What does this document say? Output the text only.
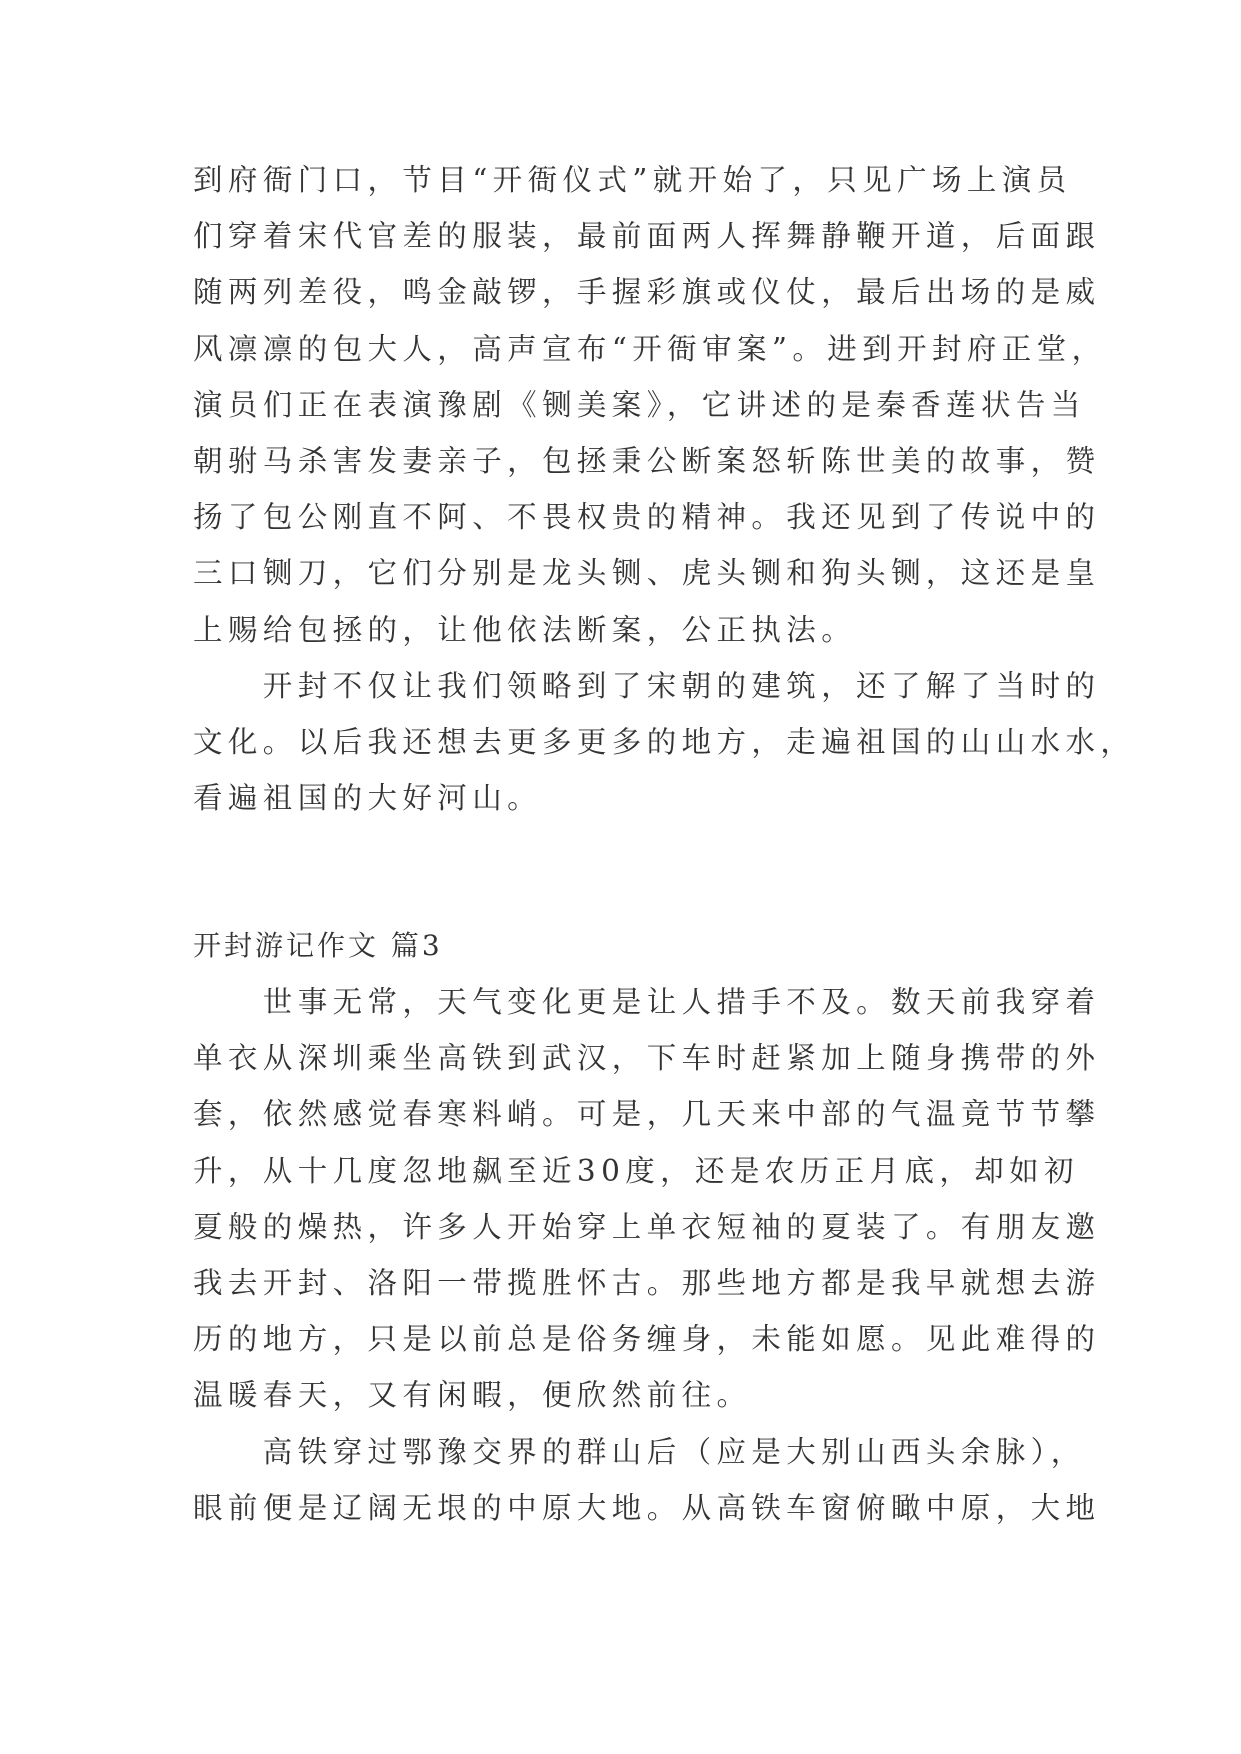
到府衙门口，节目“开衙仪式”就开始了，只见广场上演员
们穿着宋代官差的服装，最前面两人挥舞静鞭开道，后面跟
随两列差役，鸣金敲锣，手握彩旗或仪仗，最后出场的是威
风凛凛的包大人，高声宣布“开衙审案”。进到开封府正堂，
演员们正在表演豫剧《铡美案》，它讲述的是秦香莲状告当
朝驸马杀害发妻亲子，包拯秉公断案怒斩陈世美的故事，赞
扬了包公刚直不阿、不畏权贵的精神。我还见到了传说中的
三口铡刀，它们分别是龙头铡、虎头铡和狗头铡，这还是皇
上赐给包拯的，让他依法断案，公正执法。
　　开封不仅让我们领略到了宋朝的建筑，还了解了当时的
文化。以后我还想去更多更多的地方，走遍祖国的山山水水，
看遍祖国的大好河山。
开封游记作文 篇3
　　世事无常，天气变化更是让人措手不及。数天前我穿着
单衣从深圳乘坐高铁到武汉，下车时赶紧加上随身携带的外
套，依然感觉春寒料峭。可是，几天来中部的气温竟节节攀
升，从十几度忽地飙至近30度，还是农历正月底，却如初
夏般的燥热，许多人开始穿上单衣短袖的夏装了。有朋友邀
我去开封、洛阳一带揽胜怀古。那些地方都是我早就想去游
历的地方，只是以前总是俗务缠身，未能如愿。见此难得的
温暖春天，又有闲暇，便欣然前往。
　　高铁穿过鄂豫交界的群山后（应是大别山西头余脉），
眼前便是辽阔无垠的中原大地。从高铁车窗俯瞰中原，大地
